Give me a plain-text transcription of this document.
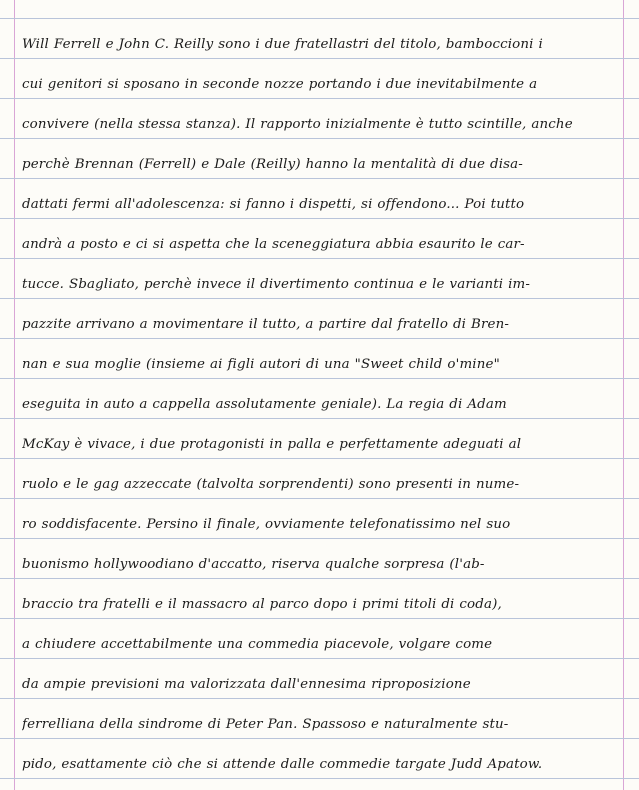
Will Ferrell e John C. Reilly sono i due fratellastri del titolo, bamboccioni i
cui genitori si sposano in seconde nozze portando i due inevitabilmente a
convivere (nella stessa stanza). Il rapporto inizialmente è tutto scintille, anche
perchè Brennan (Ferrell) e Dale (Reilly) hanno la mentalità di due disa-
dattati fermi all'adolescenza: si fanno i dispetti, si offendono... Poi tutto
andrà a posto e ci si aspetta che la sceneggiatura abbia esaurito le car-
tucce. Sbagliato, perchè invece il divertimento continua e le varianti im-
pazzite arrivano a movimentare il tutto, a partire dal fratello di Bren-
nan e sua moglie (insieme ai figli autori di una "Sweet child o'mine"
eseguita in auto a cappella assolutamente geniale). La regia di Adam
McKay è vivace, i due protagonisti in palla e perfettamente adeguati al
ruolo e le gag azzeccate (talvolta sorprendenti) sono presenti in nume-
ro soddisfacente. Persino il finale, ovviamente telefonatissimo nel suo
buonismo hollywoodiano d'accatto, riserva qualche sorpresa (l'ab-
braccio tra fratelli e il massacro al parco dopo i primi titoli di coda),
a chiudere accettabilmente una commedia piacevole, volgare come
da ampie previsioni ma valorizzata dall'ennesima riproposizione
ferrelliana della sindrome di Peter Pan. Spassoso e naturalmente stu-
pido, esattamente ciò che si attende dalle commedie targate Judd Apatow.
